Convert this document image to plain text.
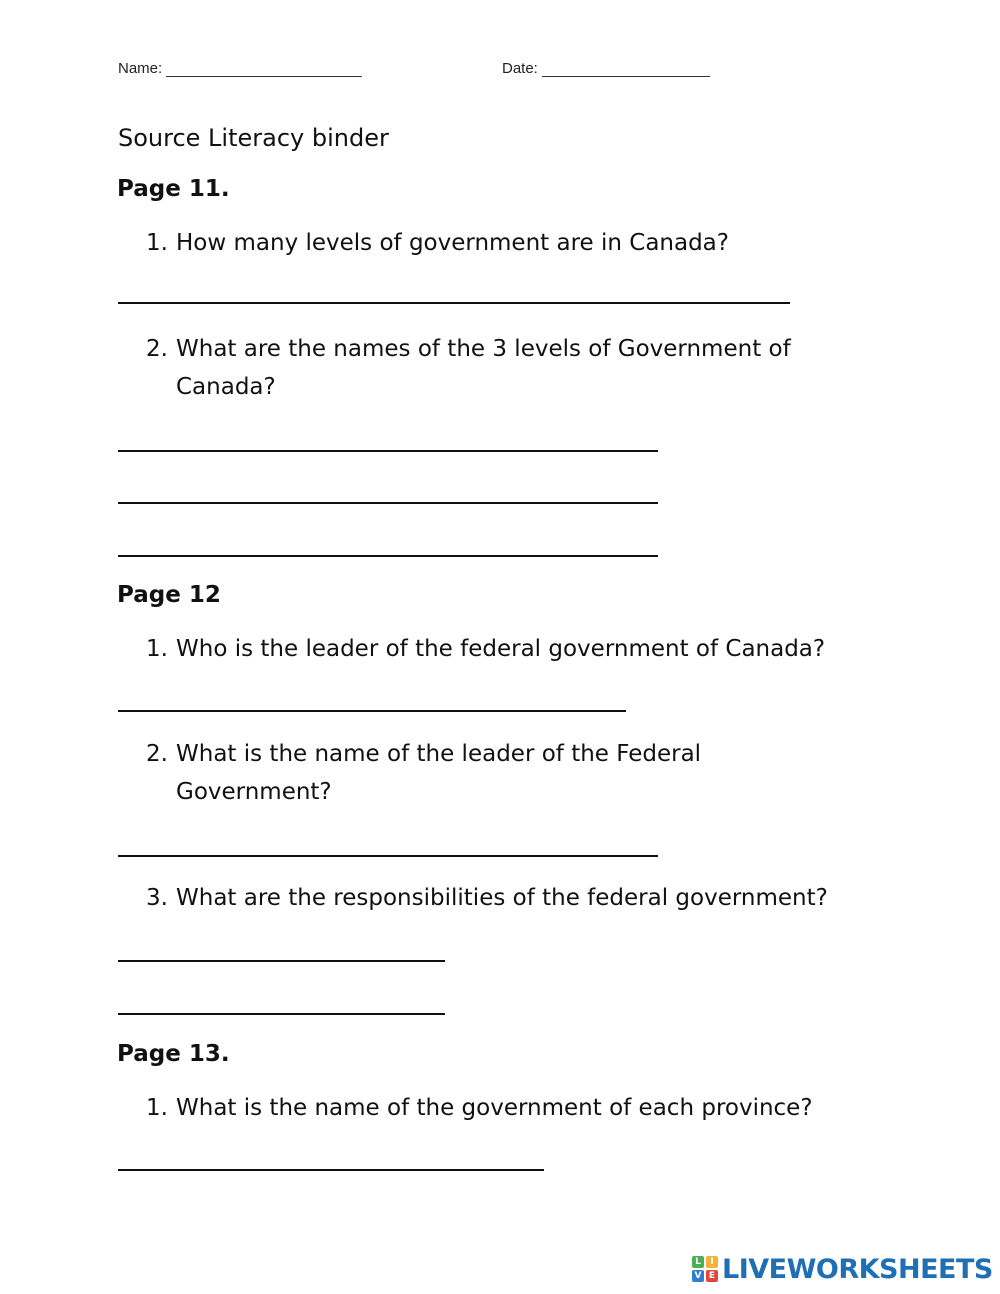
Name:	Date:
Source Literacy binder
Page 11.
1. How many levels of government are in Canada?
2. What are the names of the 3 levels of Government of
Canada?
Page 12
1. Who is the leader of the federal government of Canada?
2. What is the name of the leader of the Federal
Government?
3. What are the responsibilities of the federal government?
Page 13.
1. What is the name of the government of each province?
L	I
V E LIVEWORKSHEETS
